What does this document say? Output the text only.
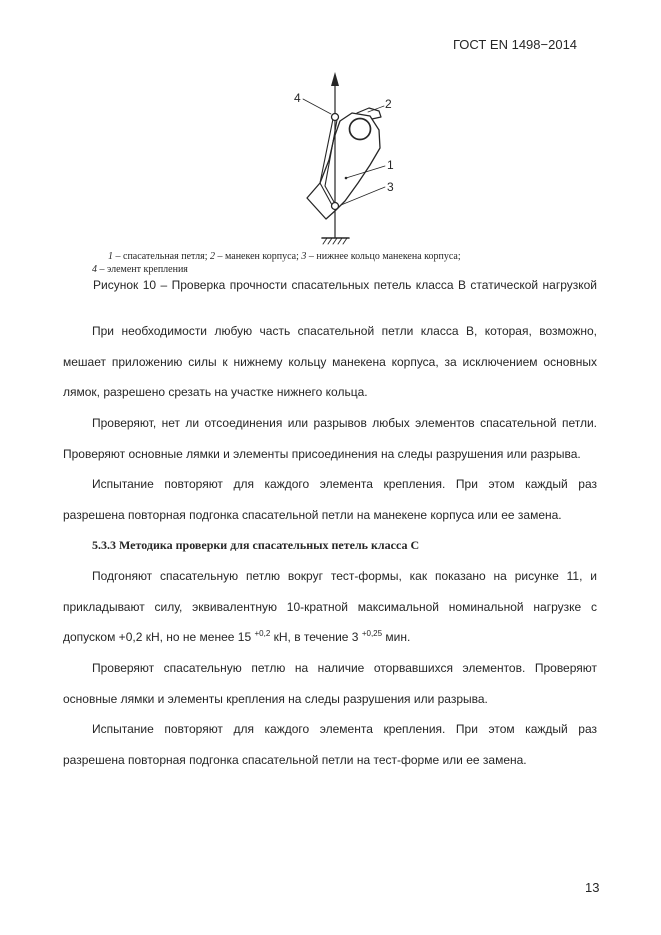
ГОСТ EN 1498−2014
4	2
1
3
1 – спасательная петля; 2 – манекен корпуса; 3 – нижнее кольцо манекена корпуса;
4 – элемент крепления
Рисунок 10 – Проверка прочности спасательных петель класса В статической нагрузкой
При необходимости любую часть спасательной петли класса В, которая, возможно,
мешает приложению силы к нижнему кольцу манекена корпуса, за исключением основных
лямок, разрешено срезать на участке нижнего кольца.
Проверяют, нет ли отсоединения или разрывов любых элементов спасательной петли.
Проверяют основные лямки и элементы присоединения на следы разрушения или разрыва.
Испытание повторяют для каждого элемента крепления. При этом каждый раз
разрешена повторная подгонка спасательной петли на манекене корпуса или ее замена.
5.3.3 Методика проверки для спасательных петель класса С
Подгоняют спасательную петлю вокруг тест-формы, как показано на рисунке 11, и
прикладывают силу, эквивалентную 10-кратной максимальной номинальной нагрузке с
допуском +0,2 кН, но не менее 15 $^{+0,2}$ кН, в течение 3 $^{+0,25}$ мин.
Проверяют спасательную петлю на наличие оторвавшихся элементов. Проверяют
основные лямки и элементы крепления на следы разрушения или разрыва.
Испытание повторяют для каждого элемента крепления. При этом каждый раз
разрешена повторная подгонка спасательной петли на тест-форме или ее замена.
13
